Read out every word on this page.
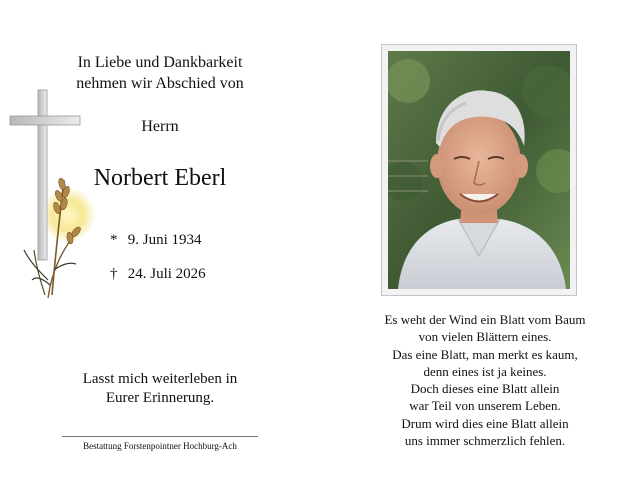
In Liebe und Dankbarkeit
nehmen wir Abschied von
Herrn
Norbert Eberl
* 9. Juni 1934
† 24. Juli 2026
Lasst mich weiterleben in
Eurer Erinnerung.
Bestattung Forstenpointner Hochburg-Ach
Es weht der Wind ein Blatt vom Baum
von vielen Blättern eines.
Das eine Blatt, man merkt es kaum,
denn eines ist ja keines.
Doch dieses eine Blatt allein
war Teil von unserem Leben.
Drum wird dies eine Blatt allein
uns immer schmerzlich fehlen.
